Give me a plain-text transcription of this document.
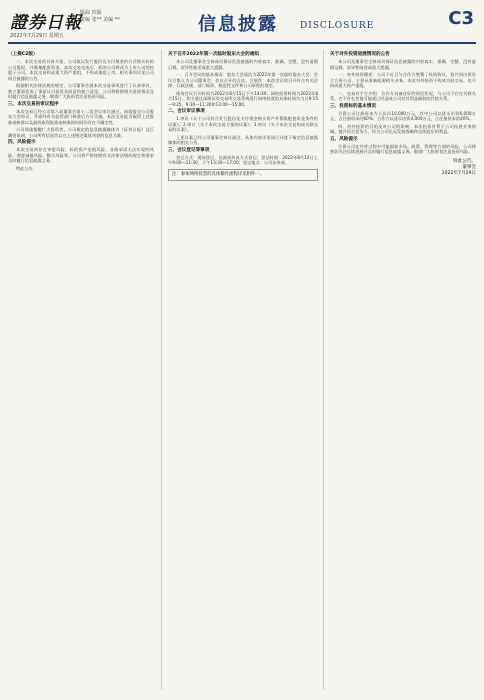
證券日報
版面 四版
责编 张** 美编 **
2022年7月29日 星期五
信息披露 DISCLOSURE	C3
（上接C2版）

二、本次交易的具体方案，公司拟以发行股份及支付现金的方式购买标的公司股权，并募集配套资金。本次交易完成后，标的公司将成为上市公司的控股子公司。本次交易构成重大资产重组，不构成重组上市。相关事项详见公司同日披露的公告。

根据相关法律法规的规定，公司董事会就本次交易事项进行了认真审议，独立董事发表了事前认可意见及同意的独立意见。公司将根据相关进展情况及时履行信息披露义务。敬请广大投资者注意投资风险。

三、本次交易的审议程序

本次交易已经公司第八届董事会第十二次会议审议通过，尚需提交公司股东大会审议，并需经有关监管部门核准后方可实施。本次交易能否取得上述批准或核准以及最终取得批准或核准的时间均存在不确定性。

公司郑重提醒广大投资者，公司指定的信息披露媒体为《证券日报》及巨潮资讯网，公司所有信息均以在上述指定媒体刊登的信息为准。

四、风险提示

本次交易尚存在审批风险、标的资产估值风险、业绩承诺无法实现的风险、商誉减值风险、整合风险等。公司将严格按照有关法律法规的规定和要求及时履行信息披露义务。

特此公告。

关于召开2022年第一次临时股东大会的通知

本公司及董事会全体成员保证信息披露的内容真实、准确、完整，没有虚假记载、误导性陈述或重大遗漏。

一、召开会议的基本情况：股东大会届次为2022年第一次临时股东大会；会议召集人为公司董事会；会议召开的合法、合规性：本次会议的召开符合有关法律、行政法规、部门规章、规范性文件和公司章程的规定。

现场会议召开时间为2022年8月15日下午14:30；网络投票时间为2022年8月15日，其中通过深圳证券交易所交易系统进行网络投票的具体时间为当日9:15—9:25，9:30—11:30和13:00—15:00。

二、会议审议事项

1.审议《关于公司符合发行股份及支付现金购买资产并募集配套资金条件的议案》；2.审议《关于本次交易方案的议案》；3.审议《关于本次交易构成关联交易的议案》。

上述议案已经公司董事会审议通过，具体内容详见同日刊登于指定信息披露媒体的相关公告。

三、会议登记等事项

登记方式：现场登记、信函或传真方式登记；登记时间：2022年8月12日上午9:00—11:30，下午13:30—17:00；登记地点：公司证券部。

注：参加网络投票的具体操作流程详见附件一。
关于对外投资进展情况的公告

本公司及董事会全体成员保证信息披露的内容真实、准确、完整，没有虚假记载、误导性陈述或重大遗漏。

一、对外投资概述：公司于近日与合作方签署了投资协议，拟共同出资设立合资公司，主要从事新能源相关业务。本次对外投资不构成关联交易，也不构成重大资产重组。

二、交易对手方介绍：合作方具备良好的资信状况，与公司不存在关联关系，亦不存在其他可能或已经造成公司对其利益倾斜的其他关系。

三、投资标的基本情况

合资公司注册资本为人民币10,000万元，其中公司以货币出资6,000万元，占注册资本的60%；合作方以货币出资4,000万元，占注册资本的40%。

四、对外投资的目的及对公司的影响：本次投资有利于公司拓展业务领域，提升综合竞争力，符合公司长远发展战略和全体股东的利益。

五、风险提示

合资公司在经营过程中可能面临市场、政策、管理等方面的风险，公司将密切关注后续进展并及时履行信息披露义务。敬请广大投资者注意投资风险。

特此公告。
董事会
2022年7月29日
